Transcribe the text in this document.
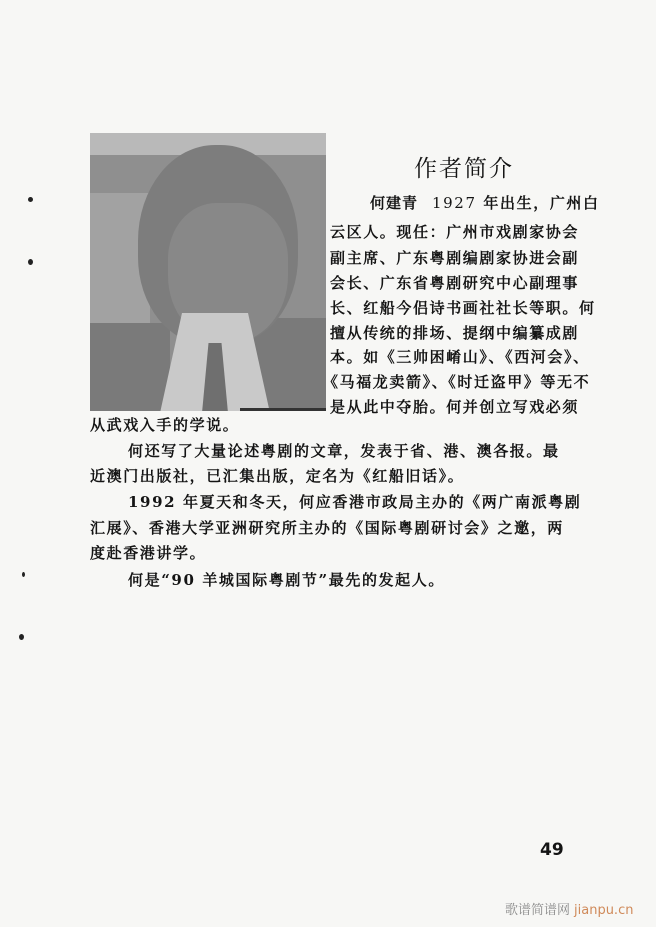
作者简介
何建青 1927 年出生，广州白
云区人。现任：广州市戏剧家协会
副主席、广东粤剧编剧家协进会副
会长、广东省粤剧研究中心副理事
长、红船今侣诗书画社社长等职。何
擅从传统的排场、提纲中编纂成剧
本。如《三帅困崤山》、《西河会》、
《马福龙卖箭》、《时迁盗甲》等无不
是从此中夺胎。何并创立写戏必须
从武戏入手的学说。
何还写了大量论述粤剧的文章，发表于省、港、澳各报。最
近澳门出版社，已汇集出版，定名为《红船旧话》。
1992 年夏天和冬天，何应香港市政局主办的《两广南派粤剧
汇展》、香港大学亚洲研究所主办的《国际粤剧研讨会》之邀，两
度赴香港讲学。
何是“90 羊城国际粤剧节”最先的发起人。
49
歌谱简谱网 jianpu.cn
